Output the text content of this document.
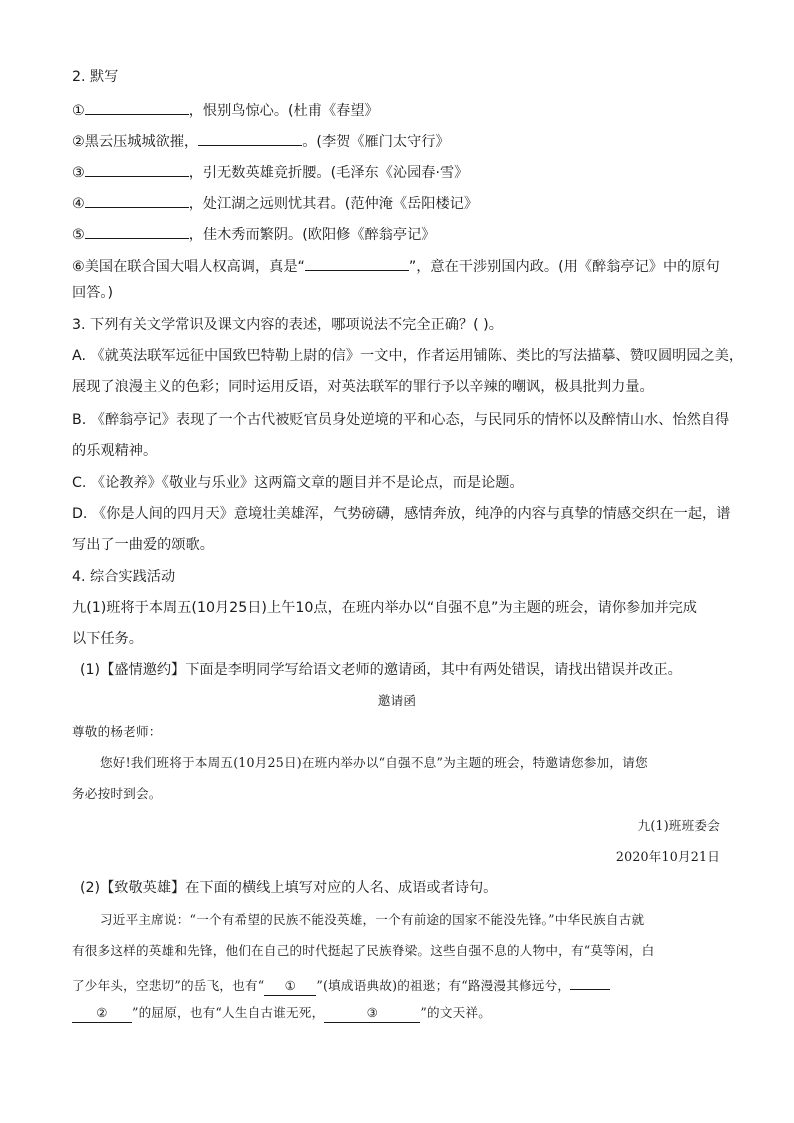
2. 默写
①	，恨别鸟惊心。(杜甫《春望》
②黑云压城城欲摧，	。(李贺《雁门太守行》
③	，引无数英雄竞折腰。(毛泽东《沁园春·雪》
④	，处江湖之远则忧其君。(范仲淹《岳阳楼记》
⑤	，佳木秀而繁阴。(欧阳修《醉翁亭记》
⑥美国在联合国大唱人权高调，真是“	”，意在干涉别国内政。(用《醉翁亭记》中的原句
回答。)
3. 下列有关文学常识及课文内容的表述，哪项说法不完全正确？( )。
A. 《就英法联军远征中国致巴特勒上尉的信》一文中，作者运用铺陈、类比的写法描摹、赞叹圆明园之美，
展现了浪漫主义的色彩；同时运用反语，对英法联军的罪行予以辛辣的嘲讽，极具批判力量。
B. 《醉翁亭记》表现了一个古代被贬官员身处逆境的平和心态，与民同乐的情怀以及醉情山水、怡然自得
的乐观精神。
C. 《论教养》《敬业与乐业》这两篇文章的题目并不是论点，而是论题。
D. 《你是人间的四月天》意境壮美雄浑，气势磅礴，感情奔放，纯净的内容与真挚的情感交织在一起，谱
写出了一曲爱的颂歌。
4. 综合实践活动
九(1)班将于本周五(10月25日)上午10点，在班内举办以“自强不息”为主题的班会，请你参加并完成
以下任务。
(1)【盛情邀约】下面是李明同学写给语文老师的邀请函，其中有两处错误，请找出错误并改正。
邀请函
尊敬的杨老师：
您好!我们班将于本周五(10月25日)在班内举办以“自强不息”为主题的班会，特邀请您参加，请您
务必按时到会。
九(1)班班委会
2020年10月21日
(2)【致敬英雄】在下面的横线上填写对应的人名、成语或者诗句。
习近平主席说：“一个有希望的民族不能没英雄，一个有前途的国家不能没先锋。”中华民族自古就
有很多这样的英雄和先锋，他们在自己的时代挺起了民族脊梁。这些自强不息的人物中，有“莫等闲，白
了少年头，空悲切”的岳飞，也有“ ① ”(填成语典故)的祖逖；有“路漫漫其修远兮，
② ”的屈原，也有“人生自古谁无死，	③	”的文天祥。
